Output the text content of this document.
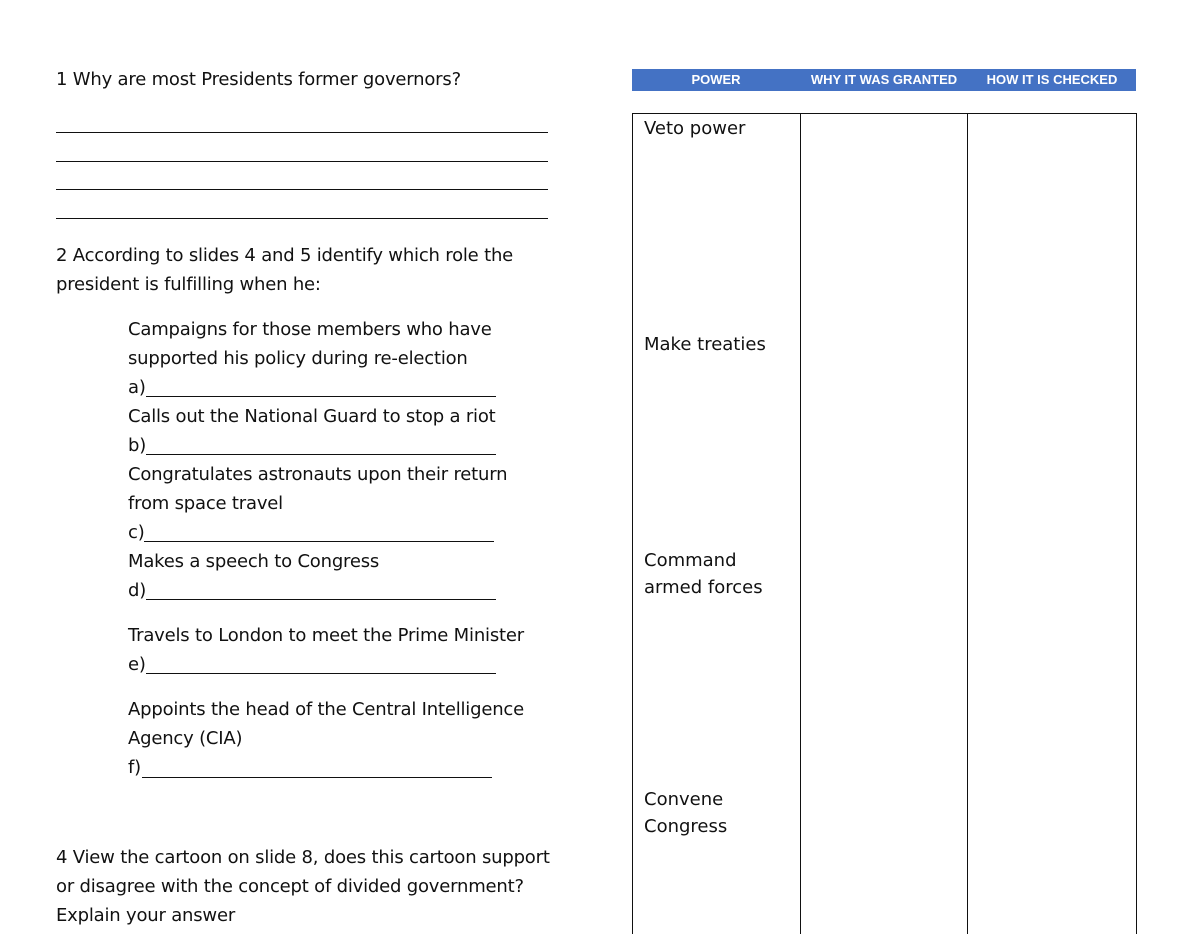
1 Why are most Presidents former governors?
2 According to slides 4 and 5 identify which role the
president is fulfilling when he:
Campaigns for those members who have
supported his policy during re-election
a)
Calls out the National Guard to stop a riot
b)
Congratulates astronauts upon their return
from space travel
c)
Makes a speech to Congress
d)
Travels to London to meet the Prime Minister
e)
Appoints the head of the Central Intelligence
Agency (CIA)
f)
4 View the cartoon on slide 8, does this cartoon support
or disagree with the concept of divided government?
Explain your answer
POWER	WHY IT WAS GRANTED	HOW IT IS CHECKED
Veto power
Make treaties
Command
armed forces
Convene
Congress
